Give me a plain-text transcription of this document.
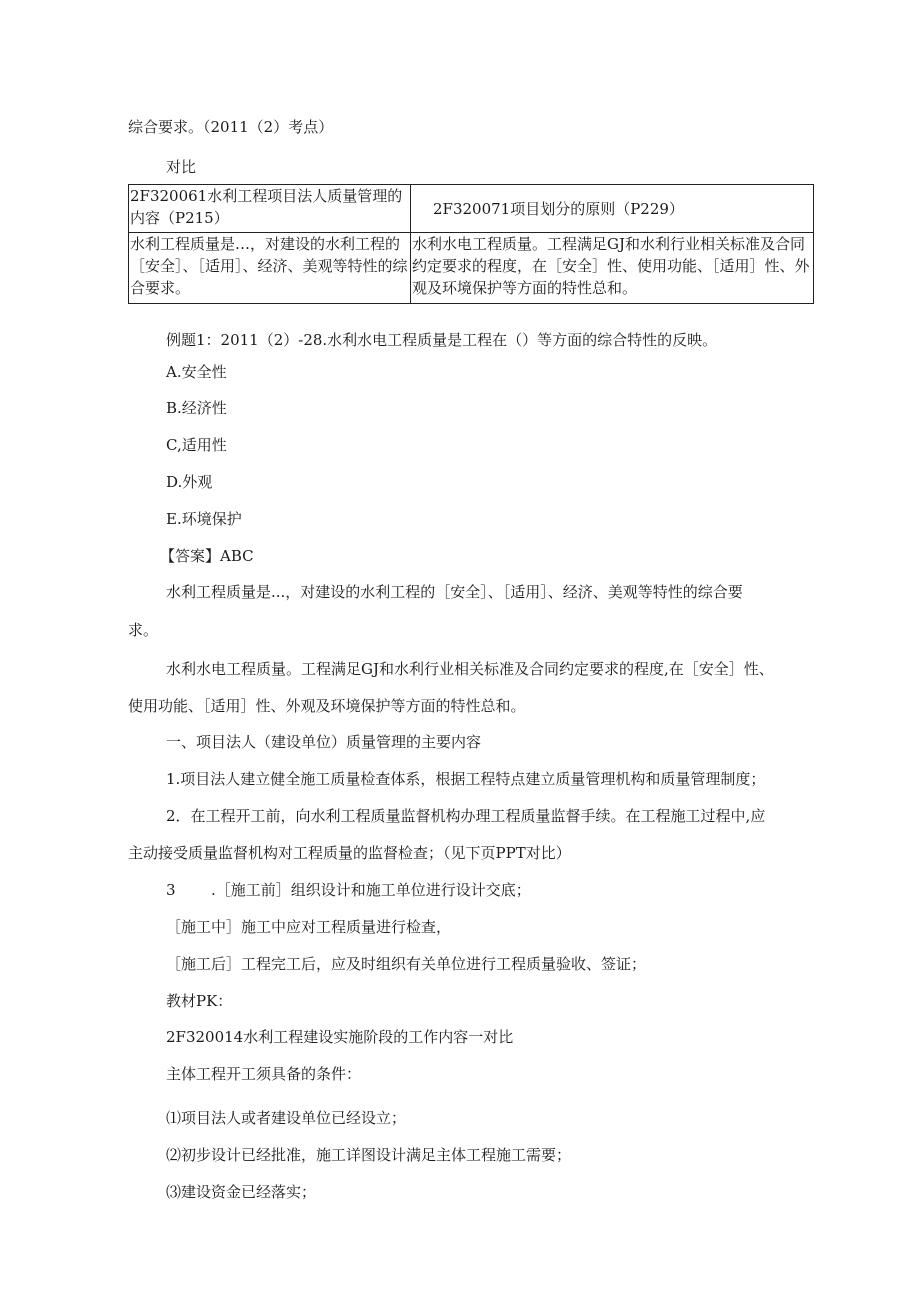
综合要求。（2011（2）考点）
对比
2F320061水利工程项目法人质量管理的内容（P215）	2F320071项目划分的原则（P229）
水利工程质量是…，对建设的水利工程的［安全］、［适用］、经济、美观等特性的综合要求。	水利水电工程质量。工程满足GJ和水利行业相关标准及合同约定要求的程度，在［安全］性、使用功能、［适用］性、外观及环境保护等方面的特性总和。
例题1：2011（2）-28.水利水电工程质量是工程在（）等方面的综合特性的反映。
A.安全性
B.经济性
C,适用性
D.外观
E.环境保护
【答案】ABC
水利工程质量是...，对建设的水利工程的［安全］、［适用］、经济、美观等特性的综合要
求。
水利水电工程质量。工程满足GJ和水利行业相关标准及合同约定要求的程度,在［安全］性、
使用功能、［适用］性、外观及环境保护等方面的特性总和。
一、项目法人（建设单位）质量管理的主要内容
1.项目法人建立健全施工质量检查体系，根据工程特点建立质量管理机构和质量管理制度；
2．在工程开工前，向水利工程质量监督机构办理工程质量监督手续。在工程施工过程中,应
主动接受质量监督机构对工程质量的监督检查；（见下页PPT对比）
3 .［施工前］组织设计和施工单位进行设计交底；
［施工中］施工中应对工程质量进行检查，
［施工后］工程完工后，应及时组织有关单位进行工程质量验收、签证；
教材PK：
2F320014水利工程建设实施阶段的工作内容一对比
主体工程开工须具备的条件：
⑴项目法人或者建设单位已经设立；
⑵初步设计已经批准，施工详图设计满足主体工程施工需要；
⑶建设资金已经落实；
